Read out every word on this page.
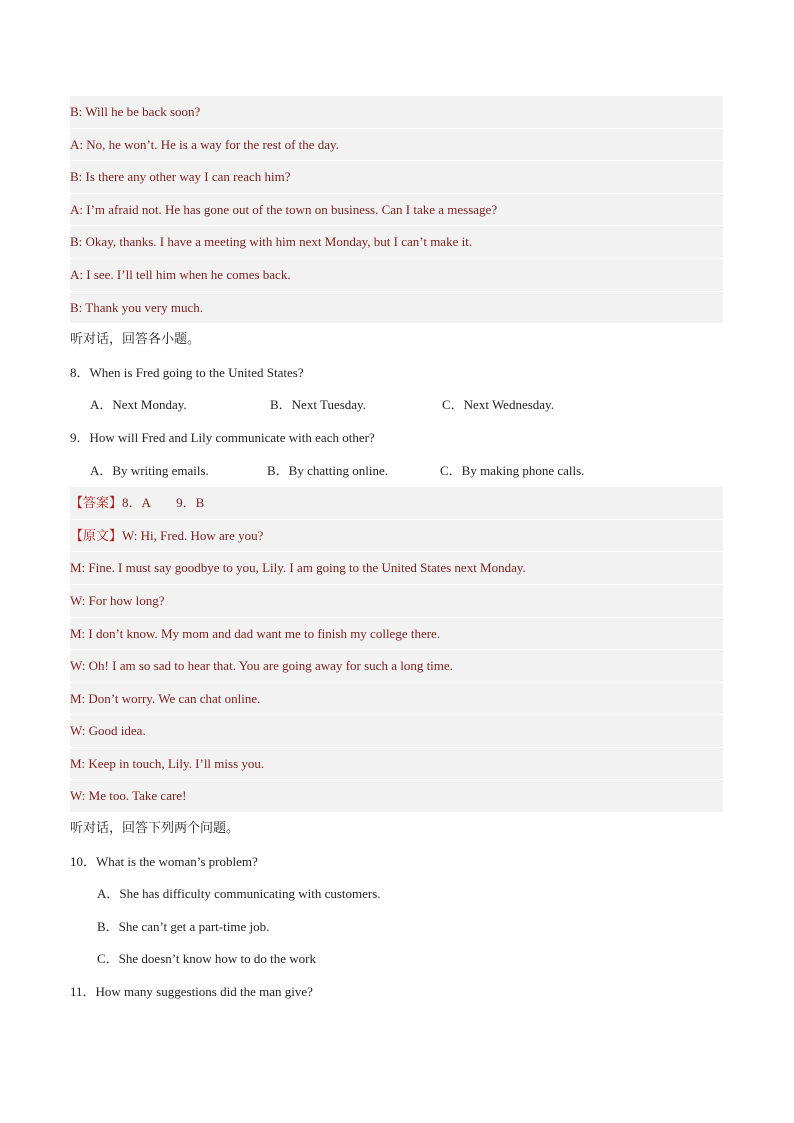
B: Will he be back soon?
A: No, he won’t. He is a way for the rest of the day.
B: Is there any other way I can reach him?
A: I’m afraid not. He has gone out of the town on business. Can I take a message?
B: Okay, thanks. I have a meeting with him next Monday, but I can’t make it.
A: I see. I’ll tell him when he comes back.
B: Thank you very much.
听对话，回答各小题。
8．When is Fred going to the United States?
A．Next Monday.	B．Next Tuesday.	C．Next Wednesday.
9．How will Fred and Lily communicate with each other?
A．By writing emails.	B．By chatting online.	C．By making phone calls.
【答案】8．A        9．B
【原文】W: Hi, Fred. How are you?
M: Fine. I must say goodbye to you, Lily. I am going to the United States next Monday.
W: For how long?
M: I don’t know. My mom and dad want me to finish my college there.
W: Oh! I am so sad to hear that. You are going away for such a long time.
M: Don’t worry. We can chat online.
W: Good idea.
M: Keep in touch, Lily. I’ll miss you.
W: Me too. Take care!
听对话，回答下列两个问题。
10．What is the woman’s problem?
A．She has difficulty communicating with customers.
B．She can’t get a part-time job.
C．She doesn’t know how to do the work
11．How many suggestions did the man give?
